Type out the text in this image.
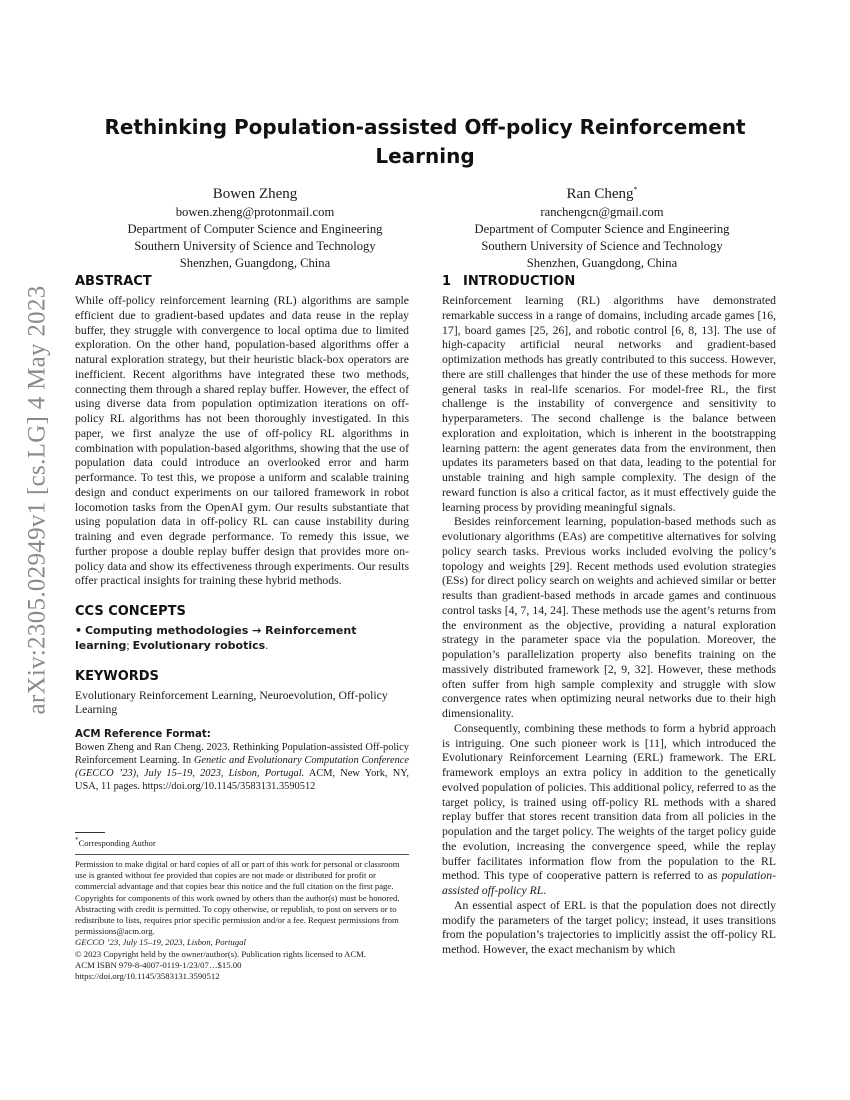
arXiv:2305.02949v1 [cs.LG] 4 May 2023
Rethinking Population-assisted Off-policy Reinforcement Learning
Bowen Zheng
bowen.zheng@protonmail.com
Department of Computer Science and Engineering
Southern University of Science and Technology
Shenzhen, Guangdong, China
Ran Cheng*
ranchengcn@gmail.com
Department of Computer Science and Engineering
Southern University of Science and Technology
Shenzhen, Guangdong, China
ABSTRACT

While off-policy reinforcement learning (RL) algorithms are sample efficient due to gradient-based updates and data reuse in the replay buffer, they struggle with convergence to local optima due to limited exploration. On the other hand, population-based algorithms offer a natural exploration strategy, but their heuristic black-box operators are inefficient. Recent algorithms have integrated these two methods, connecting them through a shared replay buffer. However, the effect of using diverse data from population optimization iterations on off-policy RL algorithms has not been thoroughly investigated. In this paper, we first analyze the use of off-policy RL algorithms in combination with population-based algorithms, showing that the use of population data could introduce an overlooked error and harm performance. To test this, we propose a uniform and scalable training design and conduct experiments on our tailored framework in robot locomotion tasks from the OpenAI gym. Our results substantiate that using population data in off-policy RL can cause instability during training and even degrade performance. To remedy this issue, we further propose a double replay buffer design that provides more on-policy data and show its effectiveness through experiments. Our results offer practical insights for training these hybrid methods.

CCS CONCEPTS

• Computing methodologies → Reinforcement learning; Evolutionary robotics.

KEYWORDS

Evolutionary Reinforcement Learning, Neuroevolution, Off-policy Learning

ACM Reference Format:

Bowen Zheng and Ran Cheng. 2023. Rethinking Population-assisted Off-policy Reinforcement Learning. In Genetic and Evolutionary Computation Conference (GECCO ’23), July 15–19, 2023, Lisbon, Portugal. ACM, New York, NY, USA, 11 pages. https://doi.org/10.1145/3583131.3590512

*Corresponding Author

Permission to make digital or hard copies of all or part of this work for personal or classroom use is granted without fee provided that copies are not made or distributed for profit or commercial advantage and that copies bear this notice and the full citation on the first page. Copyrights for components of this work owned by others than the author(s) must be honored. Abstracting with credit is permitted. To copy otherwise, or republish, to post on servers or to redistribute to lists, requires prior specific permission and/or a fee. Request permissions from permissions@acm.org.

GECCO ’23, July 15–19, 2023, Lisbon, Portugal

© 2023 Copyright held by the owner/author(s). Publication rights licensed to ACM.

ACM ISBN 979-8-4007-0119-1/23/07…$15.00

https://doi.org/10.1145/3583131.3590512

1 INTRODUCTION

Reinforcement learning (RL) algorithms have demonstrated remarkable success in a range of domains, including arcade games [16, 17], board games [25, 26], and robotic control [6, 8, 13]. The use of high-capacity artificial neural networks and gradient-based optimization methods has greatly contributed to this success. However, there are still challenges that hinder the use of these methods for more general tasks in real-life scenarios. For model-free RL, the first challenge is the instability of convergence and sensitivity to hyperparameters. The second challenge is the balance between exploration and exploitation, which is inherent in the bootstrapping learning pattern: the agent generates data from the environment, then updates its parameters based on that data, leading to the potential for unstable training and high sample complexity. The design of the reward function is also a critical factor, as it must effectively guide the learning process by providing meaningful signals.

Besides reinforcement learning, population-based methods such as evolutionary algorithms (EAs) are competitive alternatives for solving policy search tasks. Previous works included evolving the policy’s topology and weights [29]. Recent methods used evolution strategies (ESs) for direct policy search on weights and achieved similar or better results than gradient-based methods in arcade games and continuous control tasks [4, 7, 14, 24]. These methods use the agent’s returns from the environment as the objective, providing a natural exploration strategy in the parameter space via the population. Moreover, the population’s parallelization property also benefits training on the massively distributed framework [2, 9, 32]. However, these methods often suffer from high sample complexity and struggle with slow convergence rates when optimizing neural networks due to their high dimensionality.

Consequently, combining these methods to form a hybrid approach is intriguing. One such pioneer work is [11], which introduced the Evolutionary Reinforcement Learning (ERL) framework. The ERL framework employs an extra policy in addition to the genetically evolved population of policies. This additional policy, referred to as the target policy, is trained using off-policy RL methods with a shared replay buffer that stores recent transition data from all policies in the population and the target policy. The weights of the target policy guide the evolution, increasing the convergence speed, while the replay buffer facilitates information flow from the population to the RL method. This type of cooperative pattern is referred to as population-assisted off-policy RL.

An essential aspect of ERL is that the population does not directly modify the parameters of the target policy; instead, it uses transitions from the population’s trajectories to implicitly assist the off-policy RL method. However, the exact mechanism by which
